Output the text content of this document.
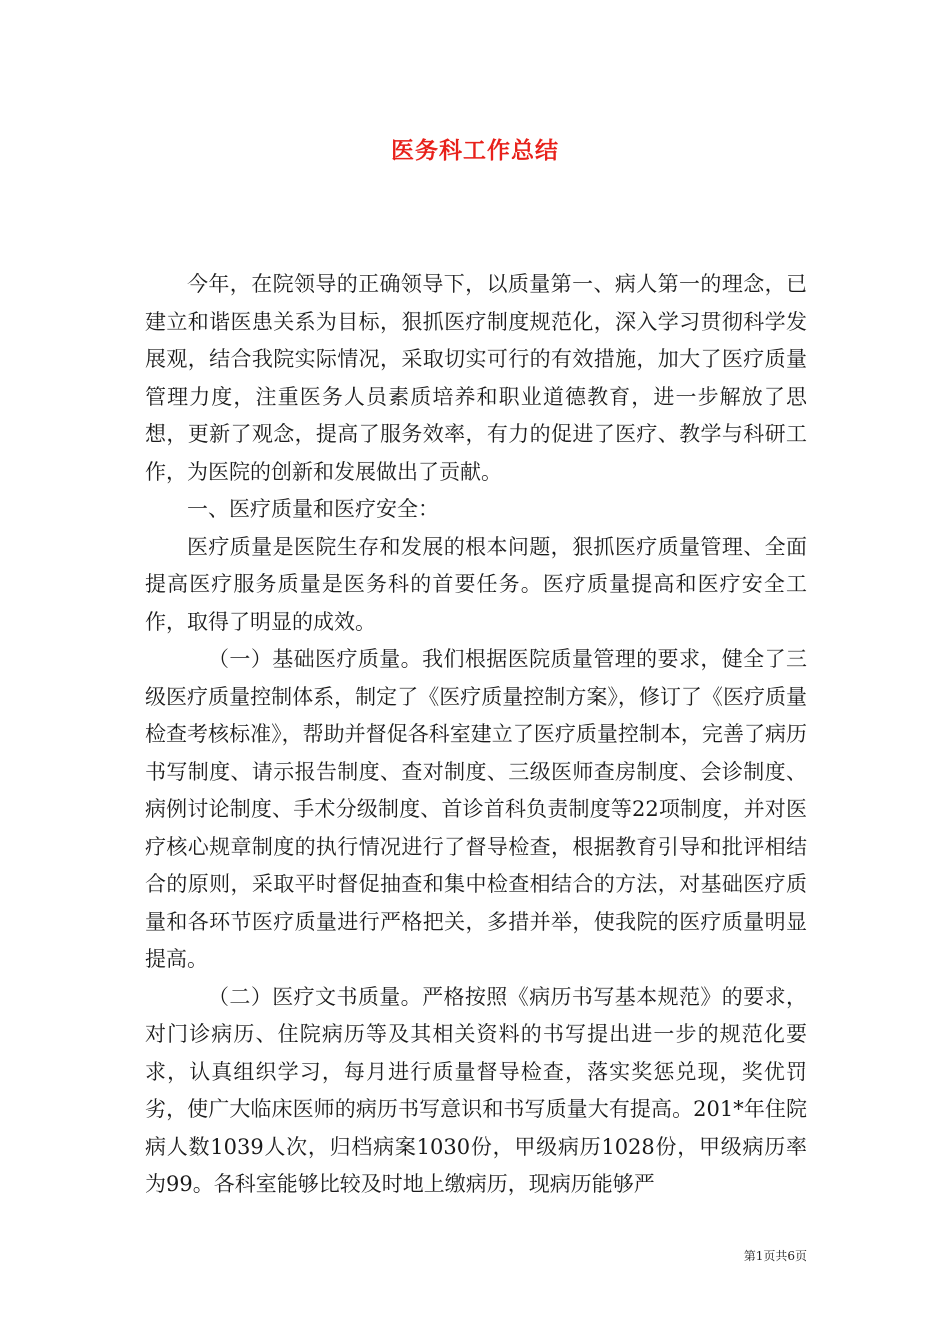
医务科工作总结

今年，在院领导的正确领导下，以质量第一、病人第一的理念，已建立和谐医患关系为目标，狠抓医疗制度规范化，深入学习贯彻科学发展观，结合我院实际情况，采取切实可行的有效措施，加大了医疗质量管理力度，注重医务人员素质培养和职业道德教育，进一步解放了思想，更新了观念，提高了服务效率，有力的促进了医疗、教学与科研工作，为医院的创新和发展做出了贡献。

一、医疗质量和医疗安全：

医疗质量是医院生存和发展的根本问题，狠抓医疗质量管理、全面提高医疗服务质量是医务科的首要任务。医疗质量提高和医疗安全工作，取得了明显的成效。

（一）基础医疗质量。我们根据医院质量管理的要求，健全了三级医疗质量控制体系，制定了《医疗质量控制方案》，修订了《医疗质量检查考核标准》，帮助并督促各科室建立了医疗质量控制本，完善了病历书写制度、请示报告制度、查对制度、三级医师查房制度、会诊制度、病例讨论制度、手术分级制度、首诊首科负责制度等22项制度，并对医疗核心规章制度的执行情况进行了督导检查，根据教育引导和批评相结合的原则，采取平时督促抽查和集中检查相结合的方法，对基础医疗质量和各环节医疗质量进行严格把关，多措并举，使我院的医疗质量明显提高。

（二）医疗文书质量。严格按照《病历书写基本规范》的要求，对门诊病历、住院病历等及其相关资料的书写提出进一步的规范化要求，认真组织学习，每月进行质量督导检查，落实奖惩兑现，奖优罚劣，使广大临床医师的病历书写意识和书写质量大有提高。201*年住院病人数1039人次，归档病案1030份，甲级病历1028份，甲级病历率为99。各科室能够比较及时地上缴病历，现病历能够严

第1页共6页
